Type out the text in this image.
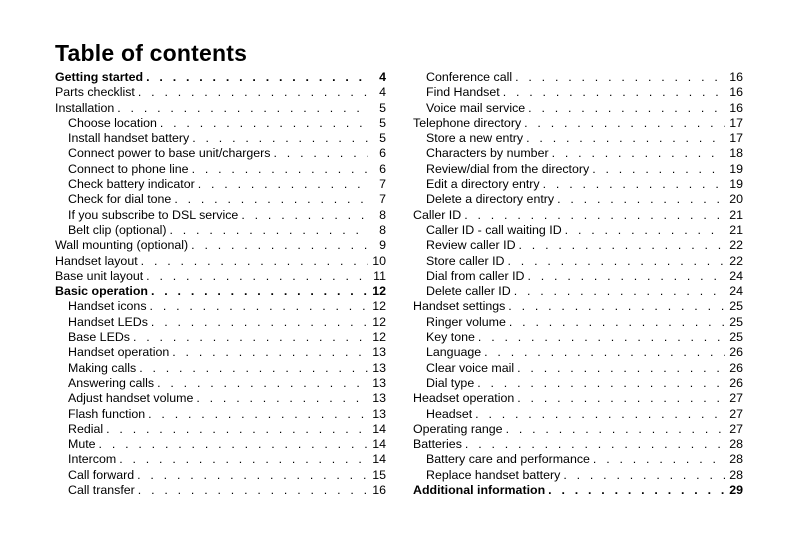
Table of contents
Getting started . . .	4
Parts checklist . . .	4
Installation . . .	5
Choose location . . .	5
Install handset battery . . .	5
Connect power to base unit/chargers . . .	6
Connect to phone line . . .	6
Check battery indicator . . .	7
Check for dial tone . . .	7
If you subscribe to DSL service . . .	8
Belt clip (optional) . . .	8
Wall mounting (optional) . . .	9
Handset layout . . .	10
Base unit layout . . .	11
Basic operation . . .	12
Handset icons . . .	12
Handset LEDs . . .	12
Base LEDs . . .	12
Handset operation . . .	13
Making calls . . .	13
Answering calls . . .	13
Adjust handset volume . . .	13
Flash function . . .	13
Redial . . .	14
Mute . . .	14
Intercom . . .	14
Call forward . . .	15
Call transfer . . .	16
Conference call . . .	16
Find Handset . . .	16
Voice mail service . . .	16
Telephone directory . . .	17
Store a new entry . . .	17
Characters by number . . .	18
Review/dial from the directory . . .	19
Edit a directory entry . . .	19
Delete a directory entry . . .	20
Caller ID . . .	21
Caller ID - call waiting ID . . .	21
Review caller ID . . .	22
Store caller ID . . .	22
Dial from caller ID . . .	24
Delete caller ID . . .	24
Handset settings . . .	25
Ringer volume . . .	25
Key tone . . .	25
Language . . .	26
Clear voice mail . . .	26
Dial type . . .	26
Headset operation . . .	27
Headset . . .	27
Operating range . . .	27
Batteries . . .	28
Battery care and performance . . .	28
Replace handset battery . . .	28
Additional information . . .	29
